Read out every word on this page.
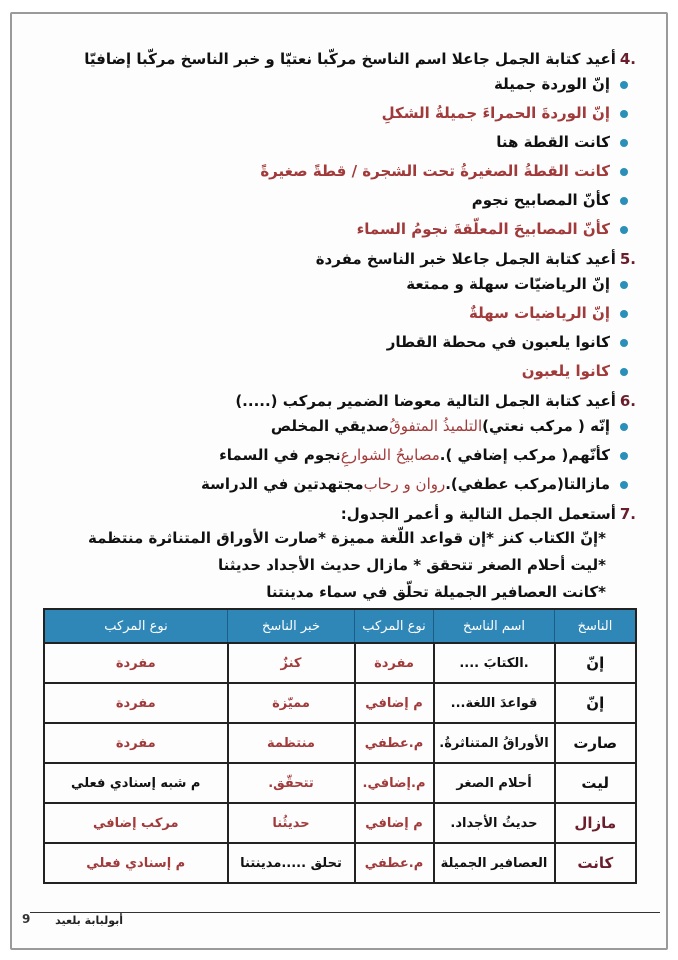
.4
أعيد كتابة الجمل جاعلا اسم الناسخ مركّبا نعتيّا و خبر الناسخ مركّبا إضافيّا
إنّ الوردة جميلة
إنّ الوردةَ الحمراءَ جميلةُ الشكلِ
كانت القطة هنا
كانت القطةُ الصغيرةُ تحت الشجرة / قطةً صغيرةً
كأنّ المصابيح نجوم
كأنّ المصابيحَ المعلّقةَ نجومُ السماء
.5
أعيد كتابة الجمل جاعلا خبر الناسخ مفردة
إنّ الرياضيّات سهلة و ممتعة
إنّ الرياضيات سهلةٌ
كانوا يلعبون في محطة القطار
كانوا يلعبون
.6
أعيد كتابة الجمل التالية معوضا الضمير بمركب (.....)
إنّه ( مركب نعتي)
التلميذُ المتفوقُ
صديقي المخلص
كأنّهم( مركب إضافي ).
مصابيحُ الشوارعِ
نجوم في السماء
مازالتا(مركب عطفي).
روان و رحاب
مجتهدتين في الدراسة
.7
أستعمل الجمل التالية و أعمر الجدول:
*إنّ الكتاب كنز *إن قواعد اللّغة مميزة *صارت الأوراق المتناثرة منتظمة
*ليت أحلام الصغر تتحقق * مازال حديث الأجداد حديثنا
*كانت العصافير الجميلة تحلّق في سماء مدينتنا
الناسخ	اسم الناسخ	نوع المركب	خبر الناسخ	نوع المركب
إنّ	.الكتابَ ....	مفردة	كنزٌ	مفردة
إنّ	قواعدَ اللغة...	م إضافي	مميّزة	مفردة
صارت	الأوراقُ المتناثرةُ.	م.عطفي	منتظمة	مفردة
ليت	أحلام الصغر	م.إضافي.	تتحقّق.	م شبه إسنادي فعلي
مازال	حديثُ الأجداد.	م إضافي	حديثُنا	مركب إضافي
كانت	العصافير الجميلة	م.عطفي	تحلق .....مدينتنا	م إسنادي فعلي
أبولبابة بلعيد
9
